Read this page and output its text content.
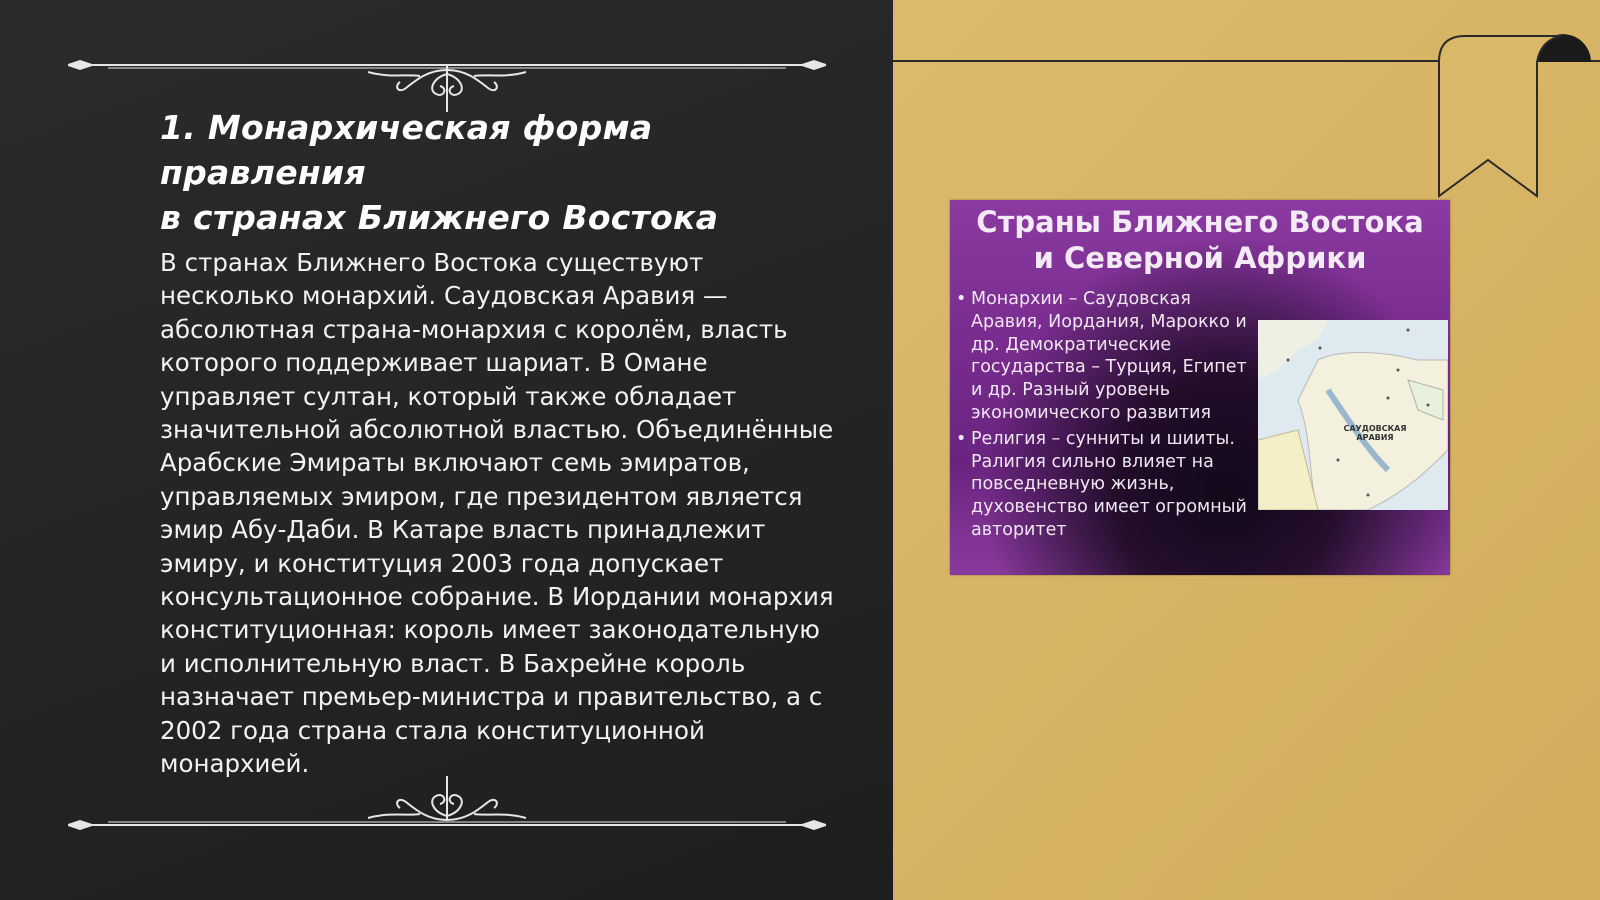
1. Монархическая форма правления
в странах Ближнего Востока

В странах Ближнего Востока существуют несколько монархий. Саудовская Аравия — абсолютная страна-монархия с королём, власть которого поддерживает шариат. В Омане управляет султан, который также обладает значительной абсолютной властью. Объединённые Арабские Эмираты включают семь эмиратов, управляемых эмиром, где президентом является эмир Абу-Даби. В Катаре власть принадлежит эмиру, и конституция 2003 года допускает консультационное собрание. В Иордании монархия конституционная: король имеет законодательную и исполнительную власт. В Бахрейне король назначает премьер-министра и правительство, а с 2002 года страна стала конституционной монархией.

Страны Ближнего Востока
и Северной Африки
• Монархии – Саудовская Аравия, Иордания, Марокко и др. Демократические государства – Турция, Египет и др. Разный уровень экономического развития
• Религия – сунниты и шииты. Ралигия сильно влияет на повседневную жизнь, духовенство имеет огромный авторитет
САУДОВСКАЯ АРАВИЯ
